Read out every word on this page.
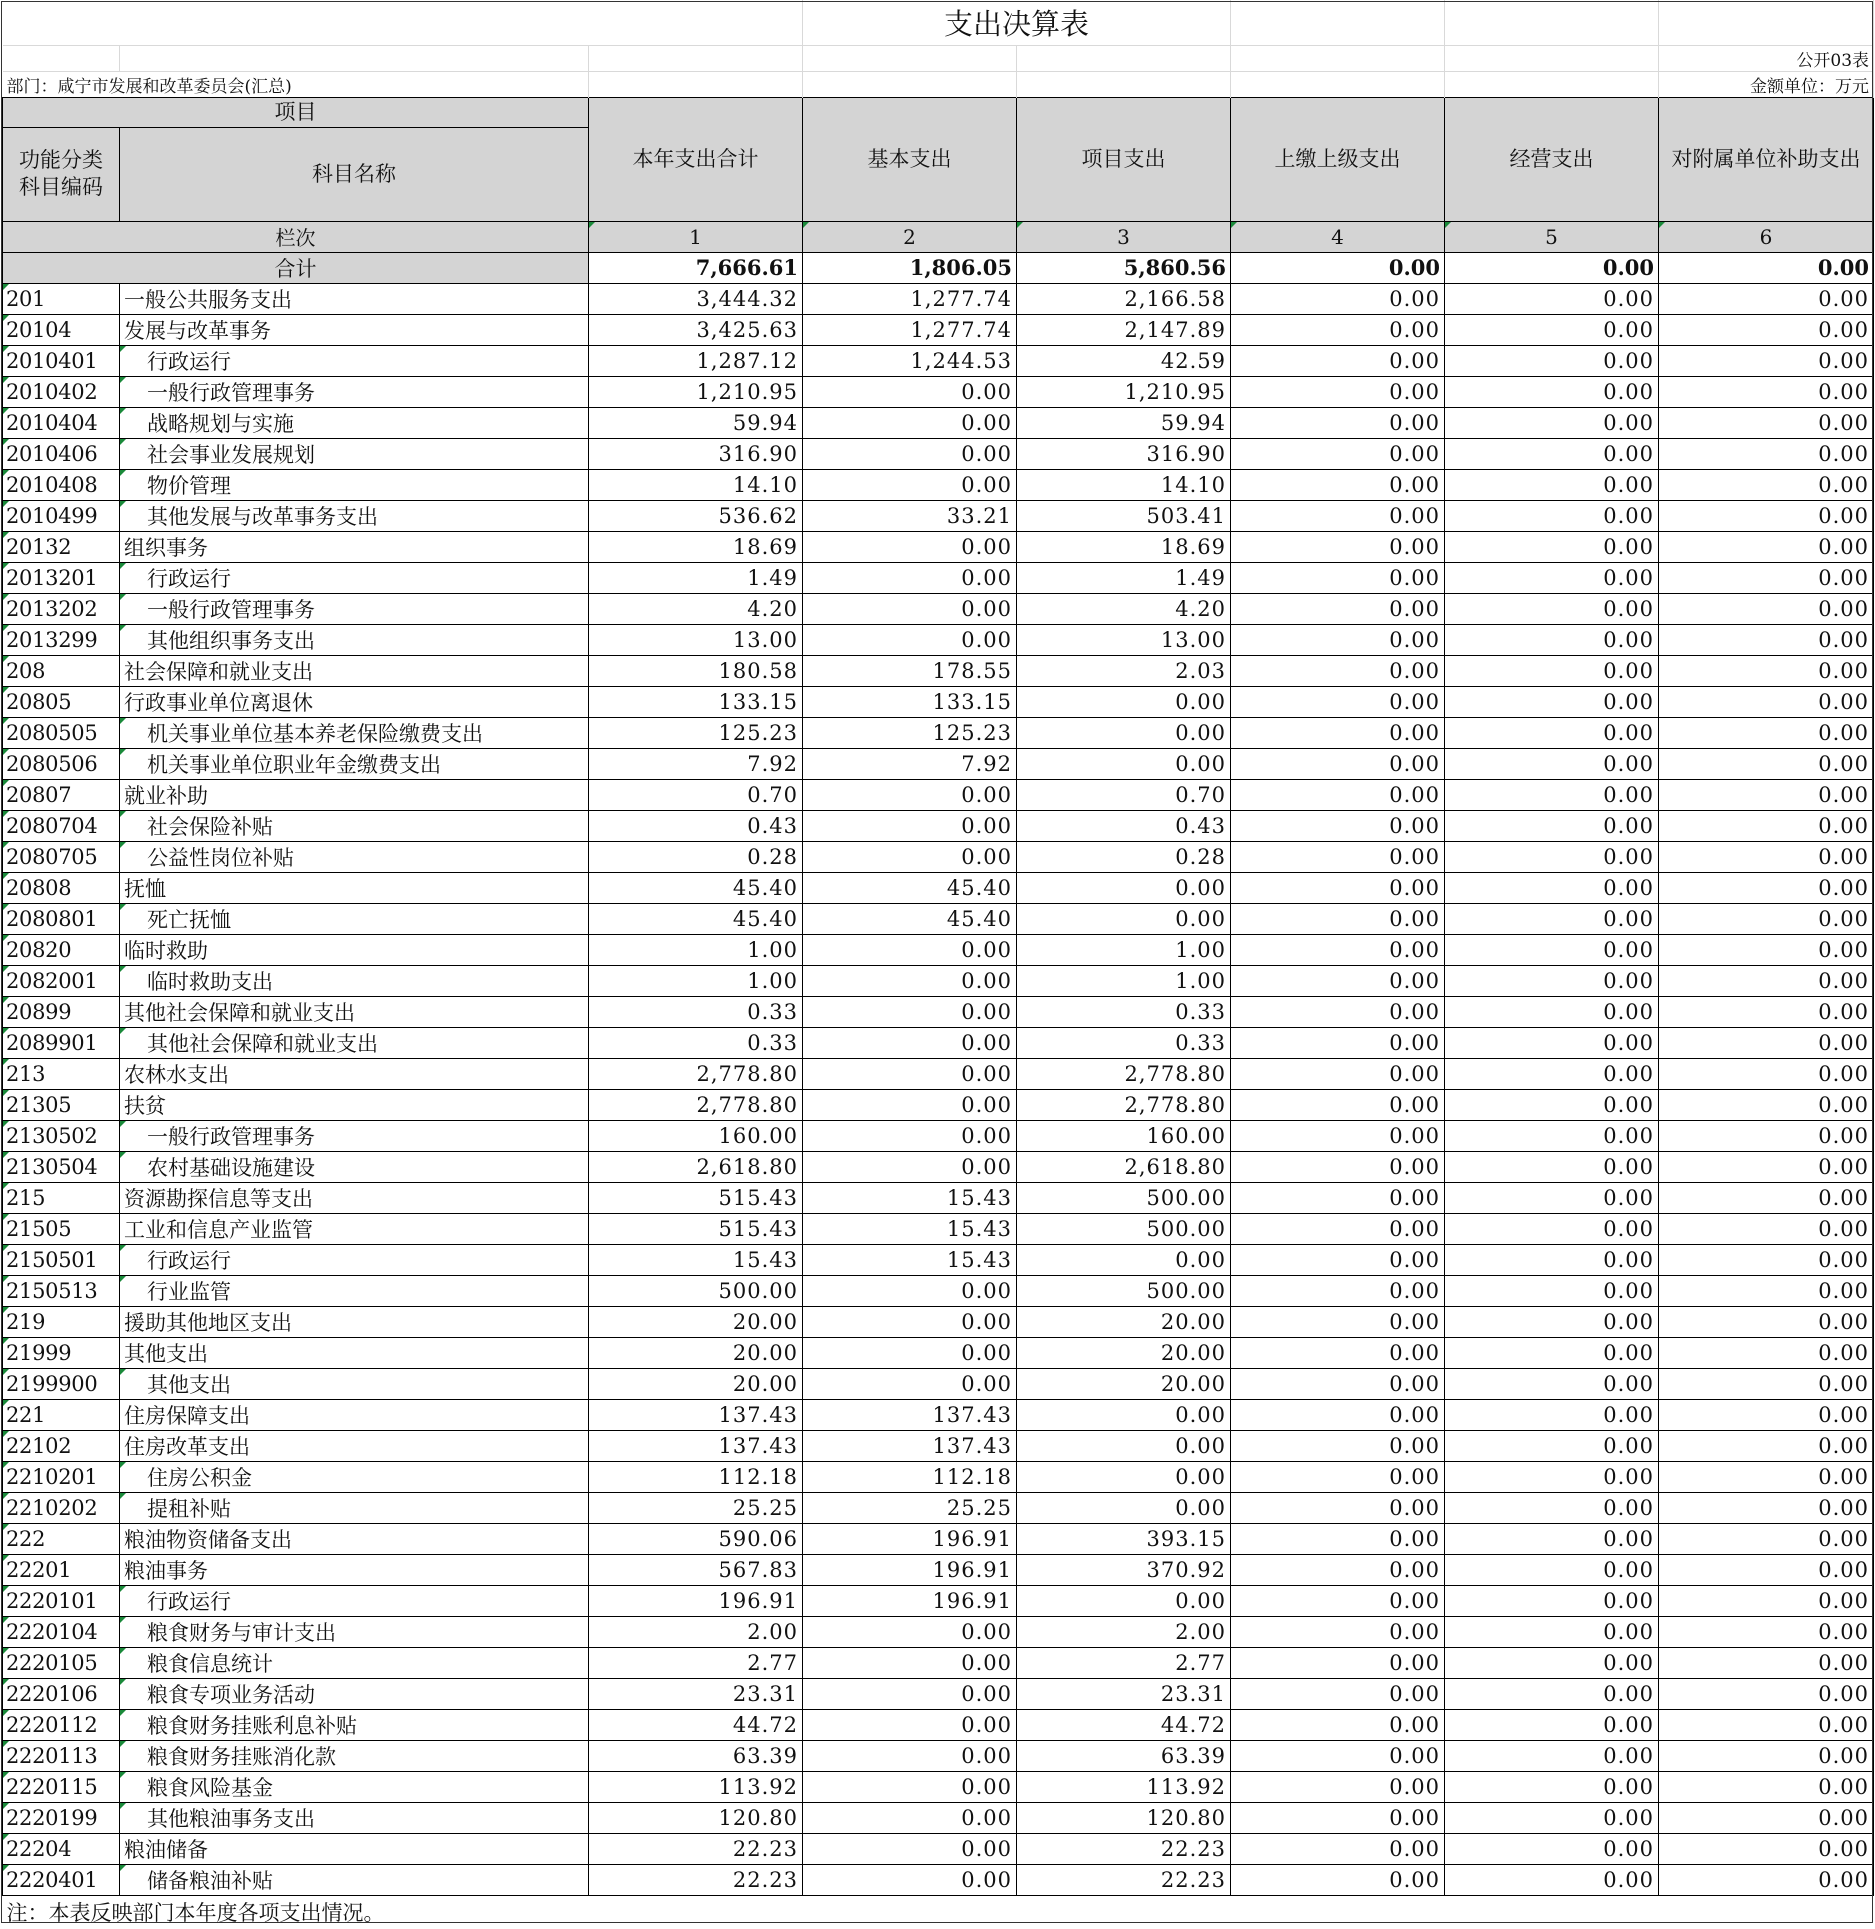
			支出决算表				
							公开03表
部门：咸宁市发展和改革委员会(汇总)							金额单位：万元
项目		本年支出合计	基本支出	项目支出	上缴上级支出	经营支出	对附属单位补助支出
功能分类科目编码	科目名称						
栏次		1	2	3	4	5	6
合计		7,666.61	1,806.05	5,860.56	0.00	0.00	0.00
201	一般公共服务支出	3,444.32	1,277.74	2,166.58	0.00	0.00	0.00
20104	发展与改革事务	3,425.63	1,277.74	2,147.89	0.00	0.00	0.00
2010401	行政运行	1,287.12	1,244.53	42.59	0.00	0.00	0.00
2010402	一般行政管理事务	1,210.95	0.00	1,210.95	0.00	0.00	0.00
2010404	战略规划与实施	59.94	0.00	59.94	0.00	0.00	0.00
2010406	社会事业发展规划	316.90	0.00	316.90	0.00	0.00	0.00
2010408	物价管理	14.10	0.00	14.10	0.00	0.00	0.00
2010499	其他发展与改革事务支出	536.62	33.21	503.41	0.00	0.00	0.00
20132	组织事务	18.69	0.00	18.69	0.00	0.00	0.00
2013201	行政运行	1.49	0.00	1.49	0.00	0.00	0.00
2013202	一般行政管理事务	4.20	0.00	4.20	0.00	0.00	0.00
2013299	其他组织事务支出	13.00	0.00	13.00	0.00	0.00	0.00
208	社会保障和就业支出	180.58	178.55	2.03	0.00	0.00	0.00
20805	行政事业单位离退休	133.15	133.15	0.00	0.00	0.00	0.00
2080505	机关事业单位基本养老保险缴费支出	125.23	125.23	0.00	0.00	0.00	0.00
2080506	机关事业单位职业年金缴费支出	7.92	7.92	0.00	0.00	0.00	0.00
20807	就业补助	0.70	0.00	0.70	0.00	0.00	0.00
2080704	社会保险补贴	0.43	0.00	0.43	0.00	0.00	0.00
2080705	公益性岗位补贴	0.28	0.00	0.28	0.00	0.00	0.00
20808	抚恤	45.40	45.40	0.00	0.00	0.00	0.00
2080801	死亡抚恤	45.40	45.40	0.00	0.00	0.00	0.00
20820	临时救助	1.00	0.00	1.00	0.00	0.00	0.00
2082001	临时救助支出	1.00	0.00	1.00	0.00	0.00	0.00
20899	其他社会保障和就业支出	0.33	0.00	0.33	0.00	0.00	0.00
2089901	其他社会保障和就业支出	0.33	0.00	0.33	0.00	0.00	0.00
213	农林水支出	2,778.80	0.00	2,778.80	0.00	0.00	0.00
21305	扶贫	2,778.80	0.00	2,778.80	0.00	0.00	0.00
2130502	一般行政管理事务	160.00	0.00	160.00	0.00	0.00	0.00
2130504	农村基础设施建设	2,618.80	0.00	2,618.80	0.00	0.00	0.00
215	资源勘探信息等支出	515.43	15.43	500.00	0.00	0.00	0.00
21505	工业和信息产业监管	515.43	15.43	500.00	0.00	0.00	0.00
2150501	行政运行	15.43	15.43	0.00	0.00	0.00	0.00
2150513	行业监管	500.00	0.00	500.00	0.00	0.00	0.00
219	援助其他地区支出	20.00	0.00	20.00	0.00	0.00	0.00
21999	其他支出	20.00	0.00	20.00	0.00	0.00	0.00
2199900	其他支出	20.00	0.00	20.00	0.00	0.00	0.00
221	住房保障支出	137.43	137.43	0.00	0.00	0.00	0.00
22102	住房改革支出	137.43	137.43	0.00	0.00	0.00	0.00
2210201	住房公积金	112.18	112.18	0.00	0.00	0.00	0.00
2210202	提租补贴	25.25	25.25	0.00	0.00	0.00	0.00
222	粮油物资储备支出	590.06	196.91	393.15	0.00	0.00	0.00
22201	粮油事务	567.83	196.91	370.92	0.00	0.00	0.00
2220101	行政运行	196.91	196.91	0.00	0.00	0.00	0.00
2220104	粮食财务与审计支出	2.00	0.00	2.00	0.00	0.00	0.00
2220105	粮食信息统计	2.77	0.00	2.77	0.00	0.00	0.00
2220106	粮食专项业务活动	23.31	0.00	23.31	0.00	0.00	0.00
2220112	粮食财务挂账利息补贴	44.72	0.00	44.72	0.00	0.00	0.00
2220113	粮食财务挂账消化款	63.39	0.00	63.39	0.00	0.00	0.00
2220115	粮食风险基金	113.92	0.00	113.92	0.00	0.00	0.00
2220199	其他粮油事务支出	120.80	0.00	120.80	0.00	0.00	0.00
22204	粮油储备	22.23	0.00	22.23	0.00	0.00	0.00
2220401	储备粮油补贴	22.23	0.00	22.23	0.00	0.00	0.00
注：本表反映部门本年度各项支出情况。							
